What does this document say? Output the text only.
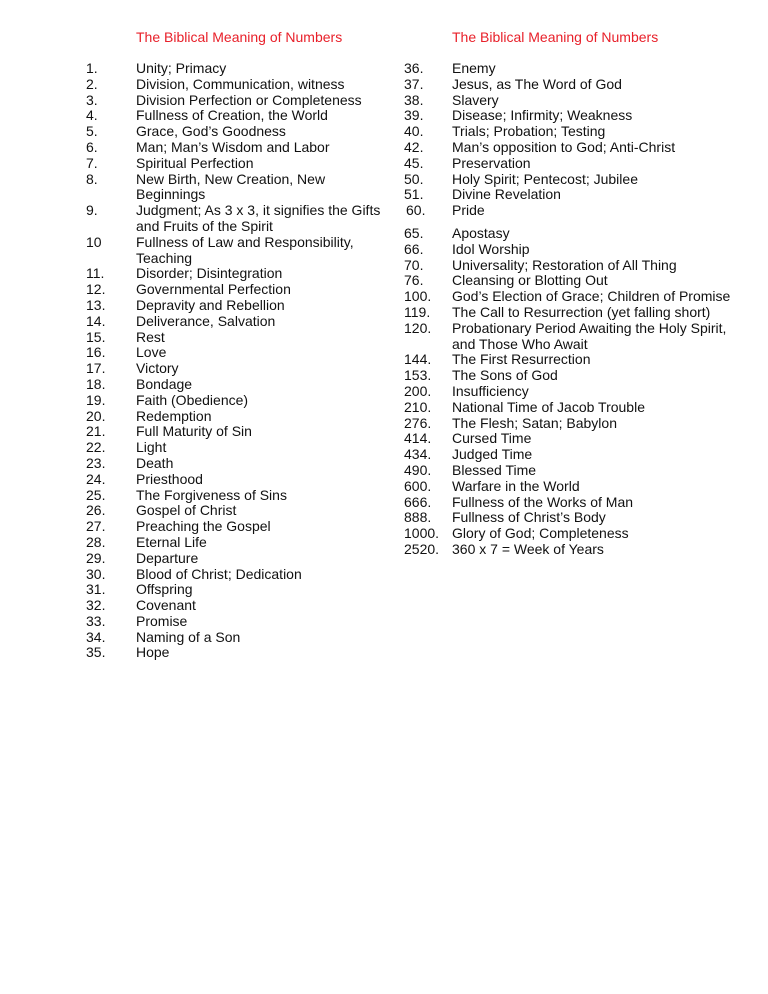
The Biblical Meaning of Numbers
1.	Unity; Primacy
2.	Division, Communication, witness
3.	Division Perfection or Completeness
4.	Fullness of Creation, the World
5.	Grace, God’s Goodness
6.	Man; Man’s Wisdom and Labor
7.	Spiritual Perfection
8.	New Birth, New Creation, New Beginnings
9.	Judgment; As 3 x 3, it signifies the Gifts and Fruits of the Spirit
10	Fullness of Law and Responsibility, Teaching
11.	Disorder; Disintegration
12.	Governmental Perfection
13.	Depravity and Rebellion
14.	Deliverance, Salvation
15.	Rest
16.	Love
17.	Victory
18.	Bondage
19.	Faith (Obedience)
20.	Redemption
21.	Full Maturity of Sin
22.	Light
23.	Death
24.	Priesthood
25.	The Forgiveness of Sins
26.	Gospel of Christ
27.	Preaching the Gospel
28.	Eternal Life
29.	Departure
30.	Blood of Christ; Dedication
31.	Offspring
32.	Covenant
33.	Promise
34.	Naming of a Son
35.	Hope
The Biblical Meaning of Numbers
36.	Enemy
37.	Jesus, as The Word of God
38.	Slavery
39.	Disease; Infirmity; Weakness
40.	Trials; Probation; Testing
42.	Man’s opposition to God; Anti-Christ
45.	Preservation
50.	Holy Spirit; Pentecost; Jubilee
51.	Divine Revelation
60.	Pride
65.	Apostasy
66.	Idol Worship
70.	Universality; Restoration of All Thing
76.	Cleansing or Blotting Out
100.	God’s Election of Grace; Children of Promise
119.	The Call to Resurrection (yet falling short)
120.	Probationary Period Awaiting the Holy Spirit, and Those Who Await
144.	The First Resurrection
153.	The Sons of God
200.	Insufficiency
210.	National Time of Jacob Trouble
276.	The Flesh; Satan; Babylon
414.	Cursed Time
434.	Judged Time
490.	Blessed Time
600.	Warfare in the World
666.	Fullness of the Works of Man
888.	Fullness of Christ’s Body
1000. Glory of God; Completeness
2520. 360 x 7 = Week of Years
